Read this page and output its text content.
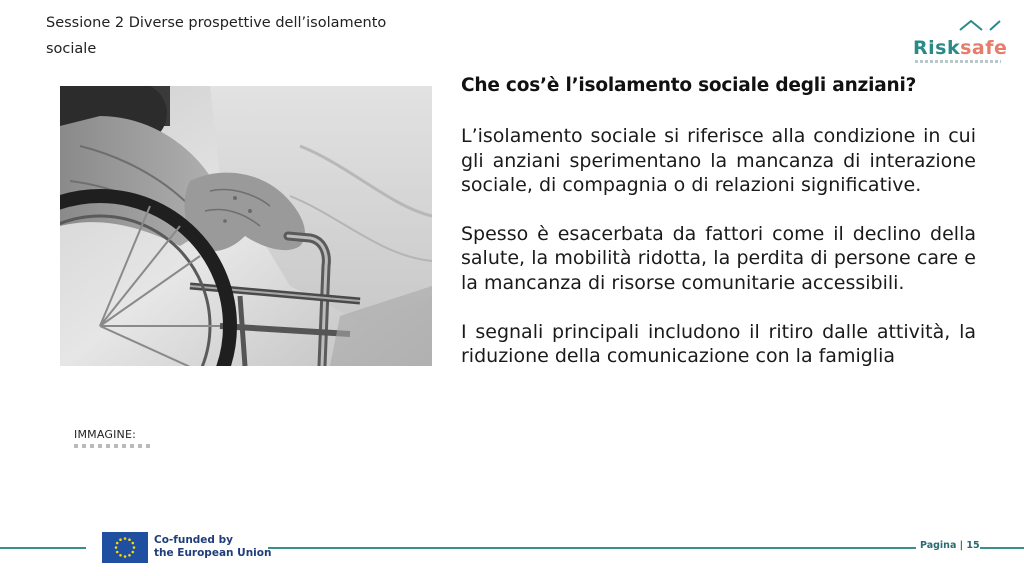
Sessione 2 Diverse prospettive dell’isolamento sociale	Risksafe
IMMAGINE:
Che cos’è l’isolamento sociale degli anziani?

L’isolamento sociale si riferisce alla condizione in cui gli anziani sperimentano la mancanza di interazione sociale, di compagnia o di relazioni significative.

Spesso è esacerbata da fattori come il declino della salute, la mobilità ridotta, la perdita di persone care e la mancanza di risorse comunitarie accessibili.

I segnali principali includono il ritiro dalle attività, la riduzione della comunicazione con la famiglia

Co-funded by
the European Union
Pagina | 15
